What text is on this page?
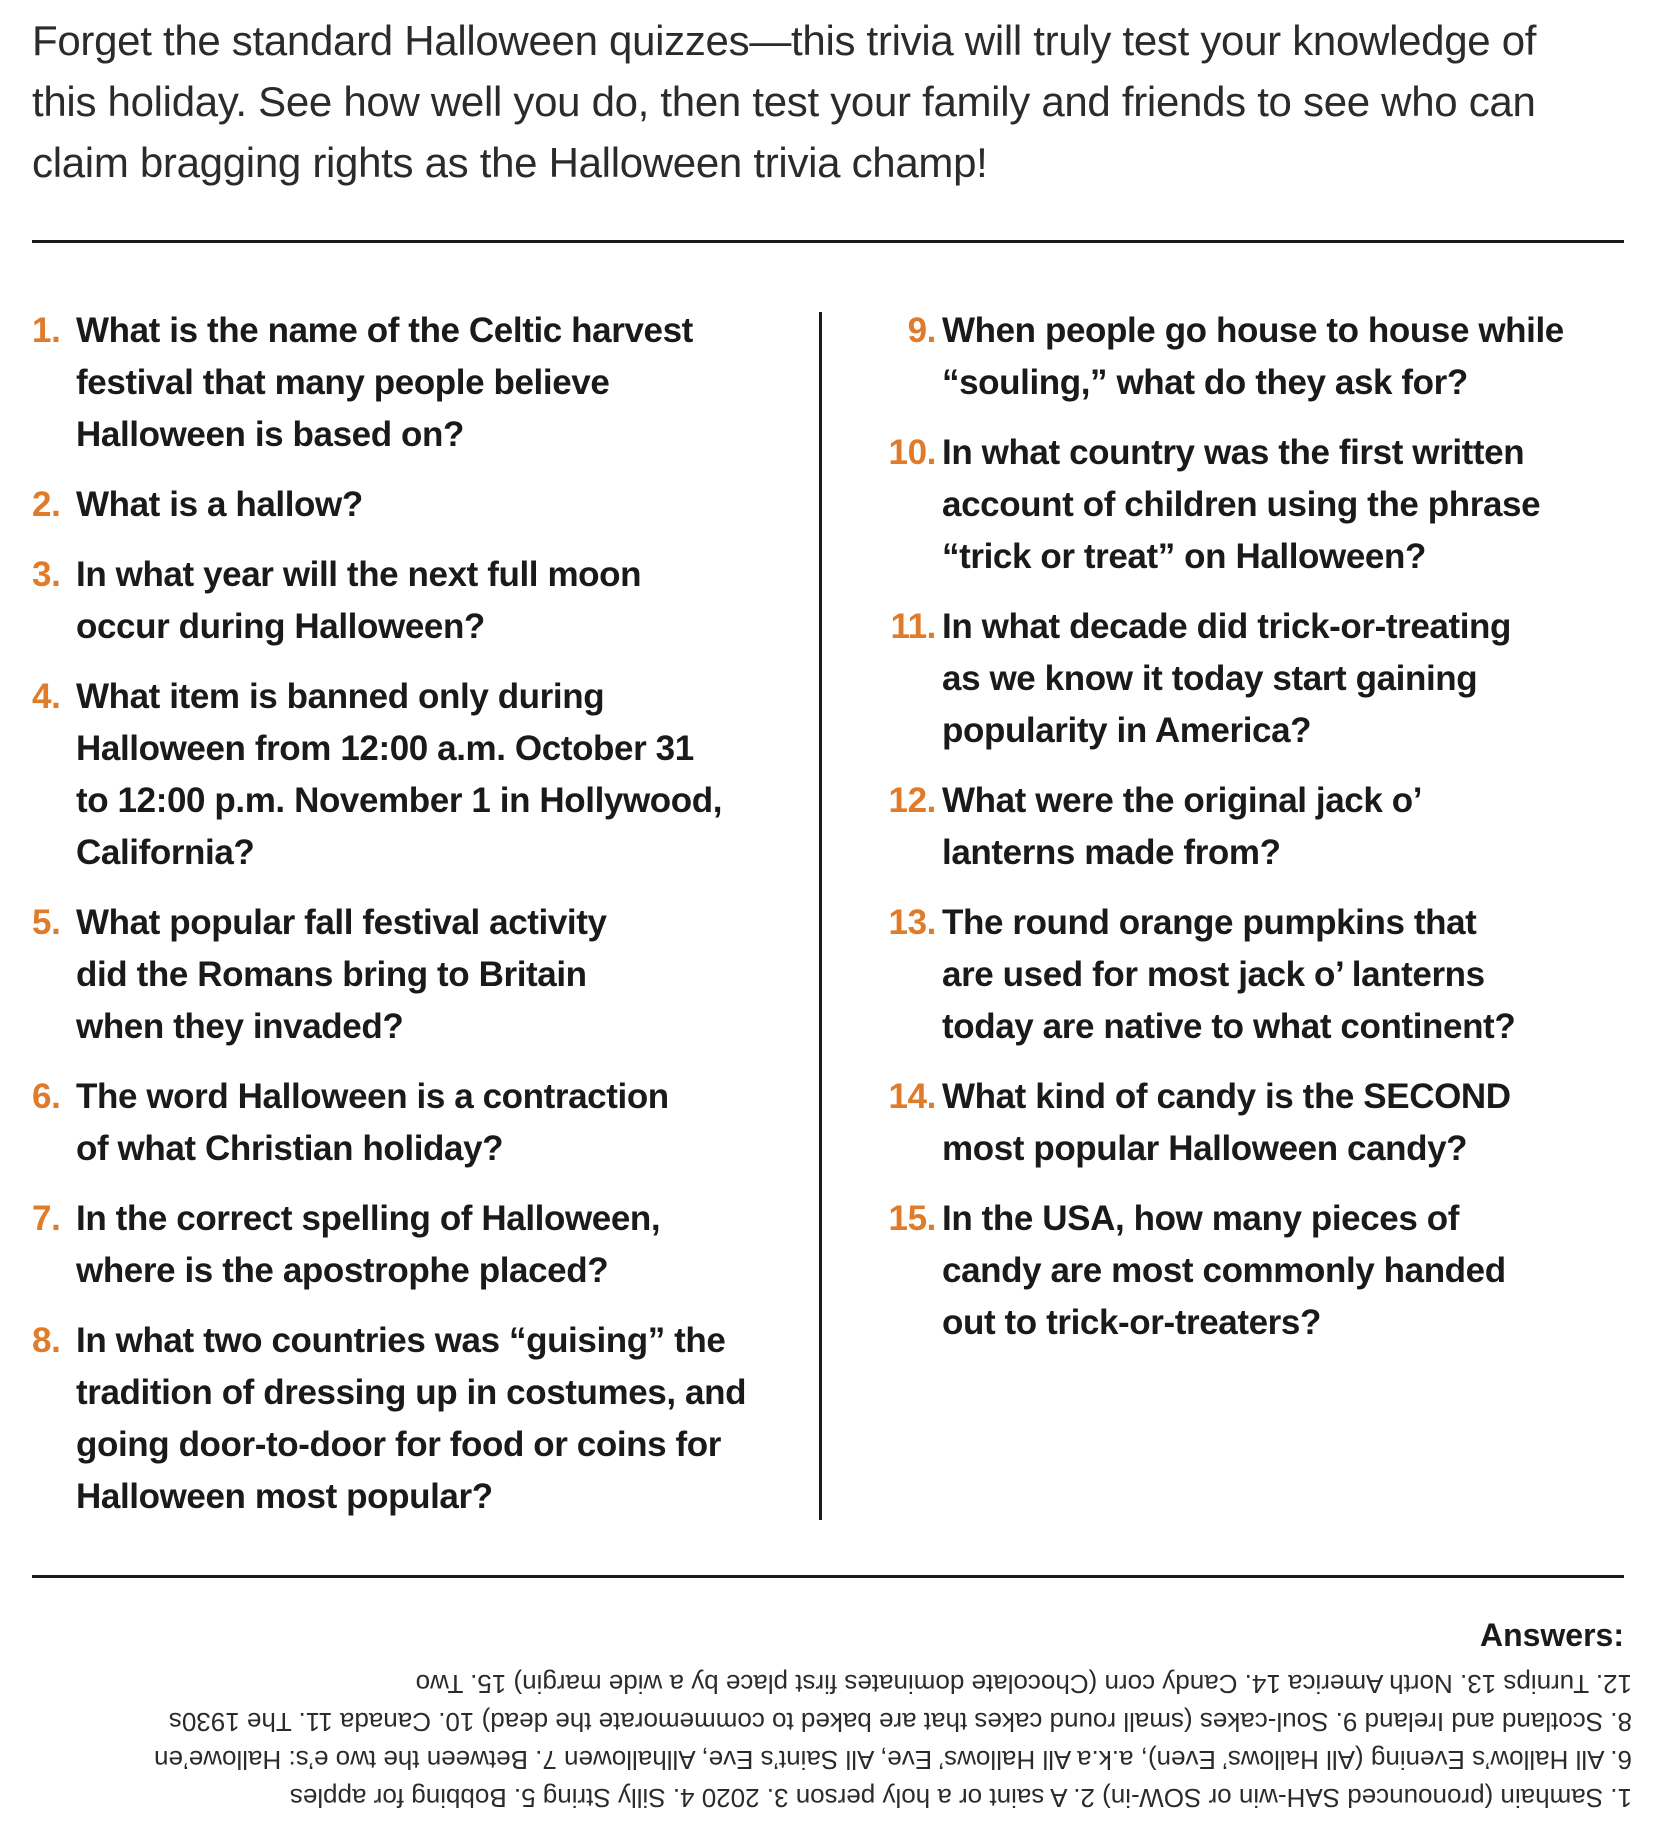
Forget the standard Halloween quizzes—this trivia will truly test your knowledge of
this holiday. See how well you do, then test your family and friends to see who can
claim bragging rights as the Halloween trivia champ!
1. What is the name of the Celtic harvest
festival that many people believe
Halloween is based on?
2. What is a hallow?
3. In what year will the next full moon
occur during Halloween?
4. What item is banned only during
Halloween from 12:00 a.m. October 31
to 12:00 p.m. November 1 in Hollywood,
California?
5. What popular fall festival activity
did the Romans bring to Britain
when they invaded?
6. The word Halloween is a contraction
of what Christian holiday?
7. In the correct spelling of Halloween,
where is the apostrophe placed?
8. In what two countries was “guising” the
tradition of dressing up in costumes, and
going door-to-door for food or coins for
Halloween most popular?
9. When people go house to house while
“souling,” what do they ask for?
10. In what country was the first written
account of children using the phrase
“trick or treat” on Halloween?
11. In what decade did trick-or-treating
as we know it today start gaining
popularity in America?
12. What were the original jack o’
lanterns made from?
13. The round orange pumpkins that
are used for most jack o’ lanterns
today are native to what continent?
14. What kind of candy is the SECOND
most popular Halloween candy?
15. In the USA, how many pieces of
candy are most commonly handed
out to trick-or-treaters?
Answers:
1. Samhain (pronounced SAH-win or SOW-in) 2. A saint or a holy person 3. 2020 4. Silly String 5. Bobbing for apples
6. All Hallow’s Evening (All Hallows’ Even), a.k.a All Hallows’ Eve, All Saint’s Eve, Allhallowen 7. Between the two e’s: Hallowe’en
8. Scotland and Ireland 9. Soul-cakes (small round cakes that are baked to commemorate the dead) 10. Canada 11. The 1930s
12. Turnips 13. North America 14. Candy corn (Chocolate dominates first place by a wide margin) 15. Two
